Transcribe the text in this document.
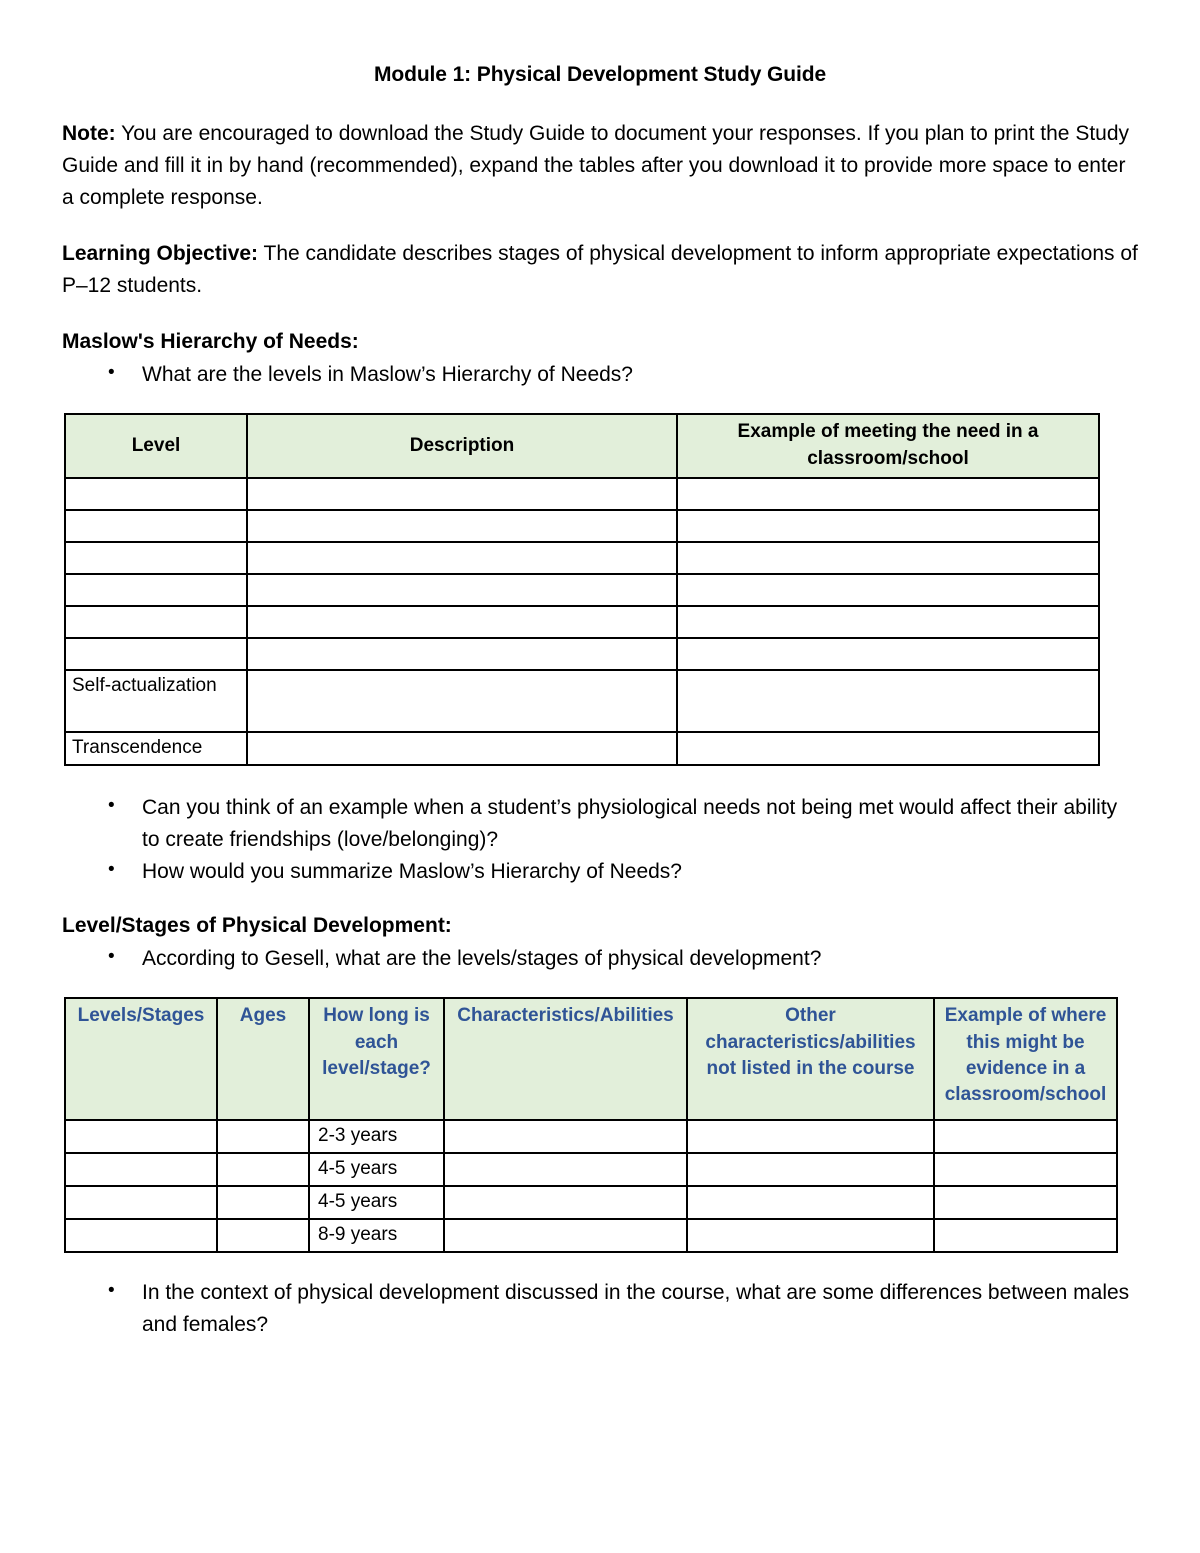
Module 1: Physical Development Study Guide

Note: You are encouraged to download the Study Guide to document your responses. If you plan to print the Study Guide and fill it in by hand (recommended), expand the tables after you download it to provide more space to enter a complete response.

Learning Objective: The candidate describes stages of physical development to inform appropriate expectations of P–12 students.

Maslow's Hierarchy of Needs:
• What are the levels in Maslow’s Hierarchy of Needs?
Level	Description	Example of meeting the need in a classroom/school

Self-actualization		
Transcendence		
• Can you think of an example when a student’s physiological needs not being met would affect their ability to create friendships (love/belonging)?
• How would you summarize Maslow’s Hierarchy of Needs?
Level/Stages of Physical Development:
• According to Gesell, what are the levels/stages of physical development?
Levels/Stages	Ages	How long is each level/stage?	Characteristics/Abilities	Other characteristics/abilities not listed in the course	Example of where this might be evidence in a classroom/school
		2-3 years			
		4-5 years			
		4-5 years			
		8-9 years			
• In the context of physical development discussed in the course, what are some differences between males and females?
